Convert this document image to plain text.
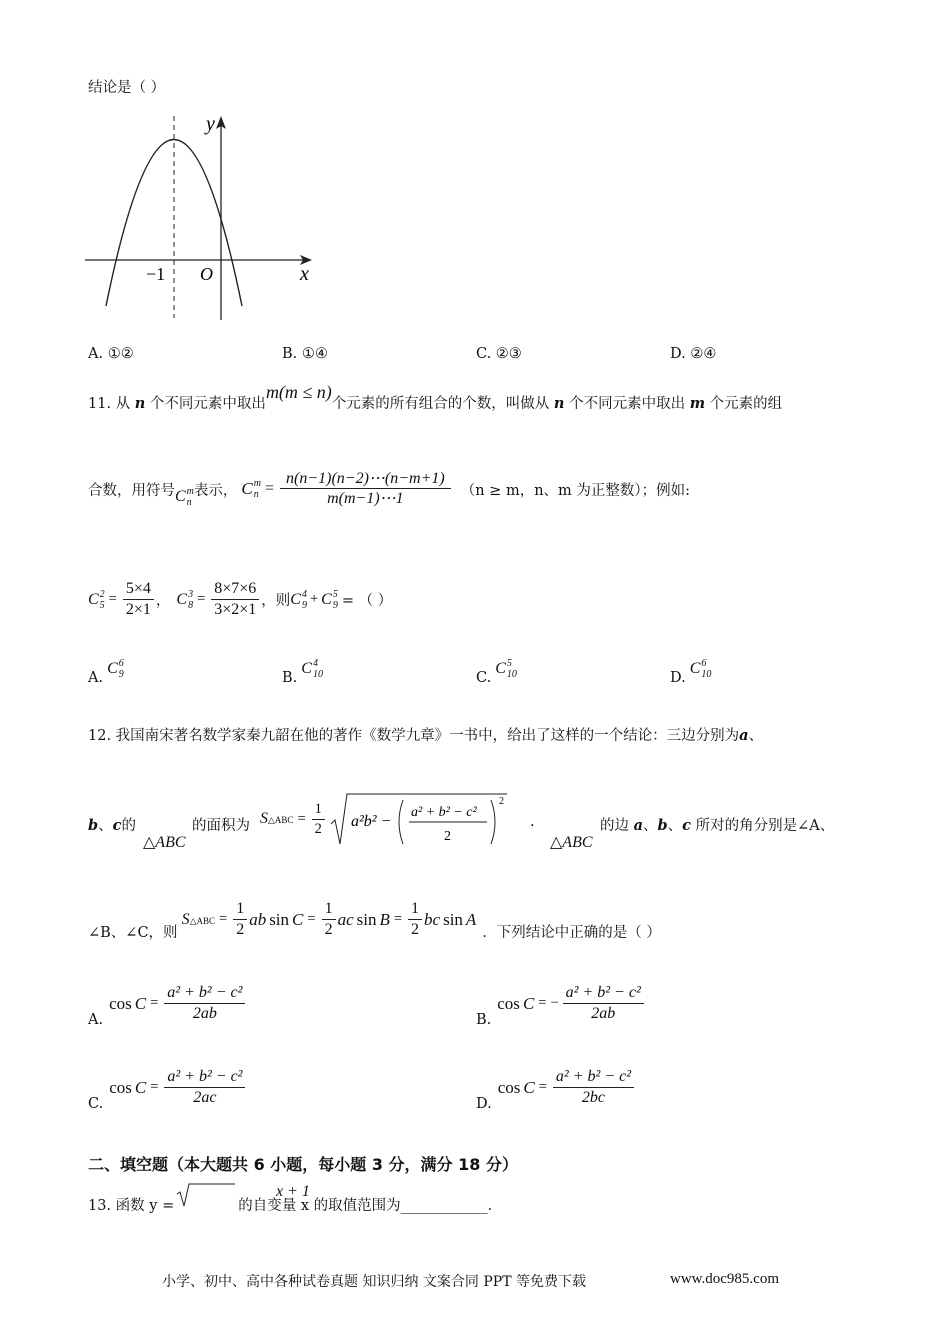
结论是（ ）
y
x
−1 O
A. ①②	B. ①④	C. ②③	D. ②④
11. 从 n 个不同元素中取出m(m ≤ n)个元素的所有组合的个数，叫做从 n 个不同元素中取出 m 个元素的组
合数，用符号 C m
n
表示， C m
$n = \frac{n(n-1)(n-2)\cdots(n-m+1)}{m(m-1)\cdots 1} (n \ge m$，n、m 为正整数）；例如:
C 2
$5 = \frac{5\times 4}{2\times 1}$ ， C 3
$8 = \frac{8\times 7\times 6}{3\times 2\times 1}$ ，则 C 4
9 + C 5
9 = （ ）
A.
C 6
9	B.
C 4
10	C.
C 5
10	D.
C 6
10
12. 我国南宋著名数学家秦九韶在他的著作《数学九章》一书中，给出了这样的一个结论：三边分别为a、
b、c的
△ABC
的面积为 S△ABC = $\frac{1}{2} a^2b^2$ −
a² + b² − c²
2
2
.
△ABC
的边 a、b、c 所对的角分别是∠A、
∠B、∠C，则
S△ABC = $\frac{1}{2}$ ab $\sin C = \frac{1}{2}$ ac $\sin B = \frac{1}{2}$ bc sin A
．下列结论中正确的是（ ）
A.
$\cos C = \frac{\text{a² + b² − c²}}{2ab}$	B.
cos C = − $\frac{\text{a² + b² − c²}}{2ab}$
C.
$\cos C = \frac{\text{a² + b² − c²}}{2ac}$	D.
$\cos C = \frac{\text{a² + b² − c²}}{2bc}$
二、填空题（本大题共 6 小题，每小题 3 分，满分 18 分）
13. 函数 y =
x + 1
的自变量 x 的取值范围为____________．
小学、初中、高中各种试卷真题 知识归纳 文案合同 PPT 等免费下载	www.doc985.com
